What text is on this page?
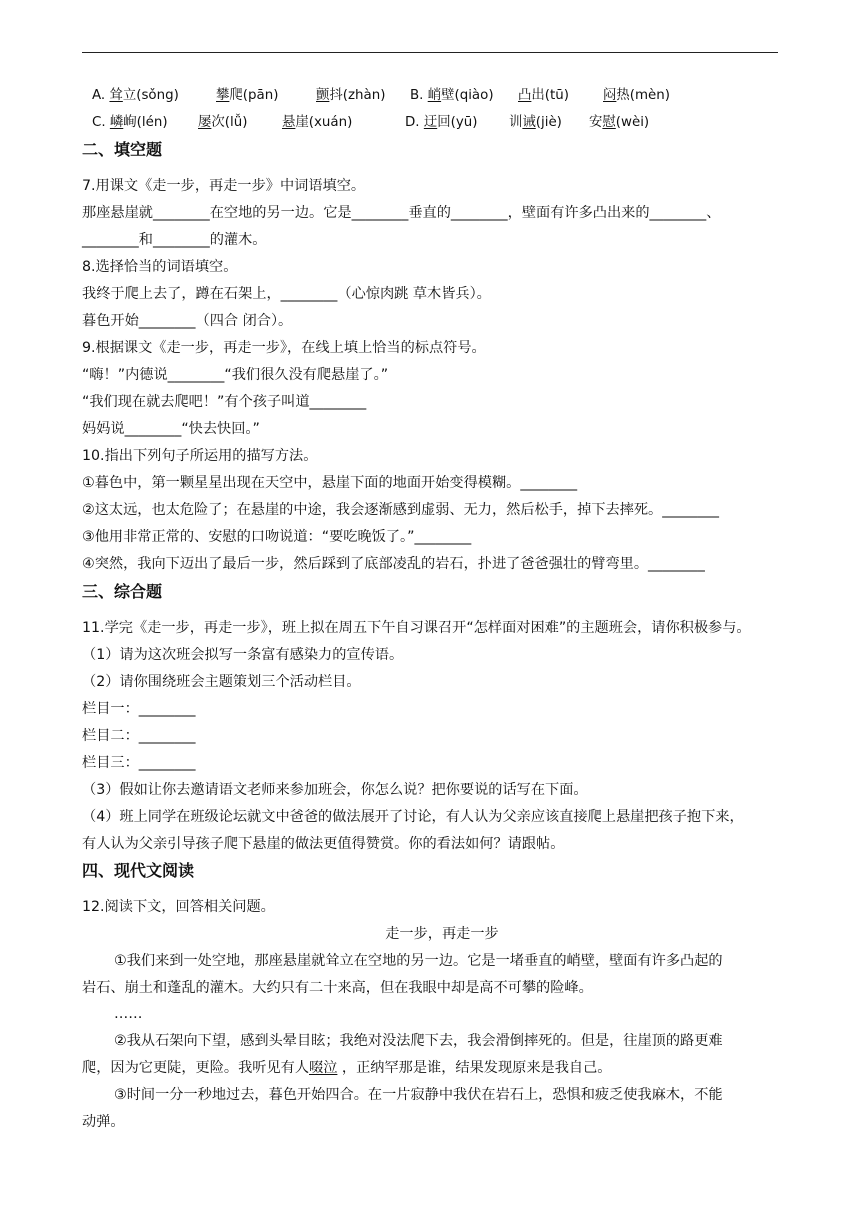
A. 耸立(sǒng)	攀爬(pān)	颤抖(zhàn) B. 峭壁(qiào) 凸出(tū)	闷热(mèn)
C. 嶙峋(lén) 屡次(lǚ)	悬崖(xuán)	D. 迂回(yū) 训诫(jiè) 安慰(wèi)
二、填空题
7.用课文《走一步，再走一步》中词语填空。
那座悬崖就________在空地的另一边。它是________垂直的________，壁面有许多凸出来的________、
________和________的灌木。
8.选择恰当的词语填空。
我终于爬上去了，蹲在石架上，________（心惊肉跳 草木皆兵）。
暮色开始________（四合 闭合）。
9.根据课文《走一步，再走一步》，在线上填上恰当的标点符号。
“嗨！”内德说________“我们很久没有爬悬崖了。”
“我们现在就去爬吧！”有个孩子叫道________
妈妈说________“快去快回。”
10.指出下列句子所运用的描写方法。
①暮色中，第一颗星星出现在天空中，悬崖下面的地面开始变得模糊。________
②这太远，也太危险了；在悬崖的中途，我会逐渐感到虚弱、无力，然后松手，掉下去摔死。________
③他用非常正常的、安慰的口吻说道：“要吃晚饭了。”________
④突然，我向下迈出了最后一步，然后踩到了底部凌乱的岩石，扑进了爸爸强壮的臂弯里。________
三、综合题
11.学完《走一步，再走一步》，班上拟在周五下午自习课召开“怎样面对困难”的主题班会，请你积极参与。
（1）请为这次班会拟写一条富有感染力的宣传语。
（2）请你围绕班会主题策划三个活动栏目。
栏目一：________
栏目二：________
栏目三：________
（3）假如让你去邀请语文老师来参加班会，你怎么说？把你要说的话写在下面。
（4）班上同学在班级论坛就文中爸爸的做法展开了讨论，有人认为父亲应该直接爬上悬崖把孩子抱下来，
有人认为父亲引导孩子爬下悬崖的做法更值得赞赏。你的看法如何？请跟帖。
四、现代文阅读
12.阅读下文，回答相关问题。
走一步，再走一步
①我们来到一处空地，那座悬崖就耸立在空地的另一边。它是一堵垂直的峭壁，壁面有许多凸起的
岩石、崩土和蓬乱的灌木。大约只有二十来高，但在我眼中却是高不可攀的险峰。
……
②我从石架向下望，感到头晕目眩；我绝对没法爬下去，我会滑倒摔死的。但是，往崖顶的路更难
爬，因为它更陡，更险。我听见有人啜泣 ，正纳罕那是谁，结果发现原来是我自己。
③时间一分一秒地过去，暮色开始四合。在一片寂静中我伏在岩石上，恐惧和疲乏使我麻木，不能
动弹。
